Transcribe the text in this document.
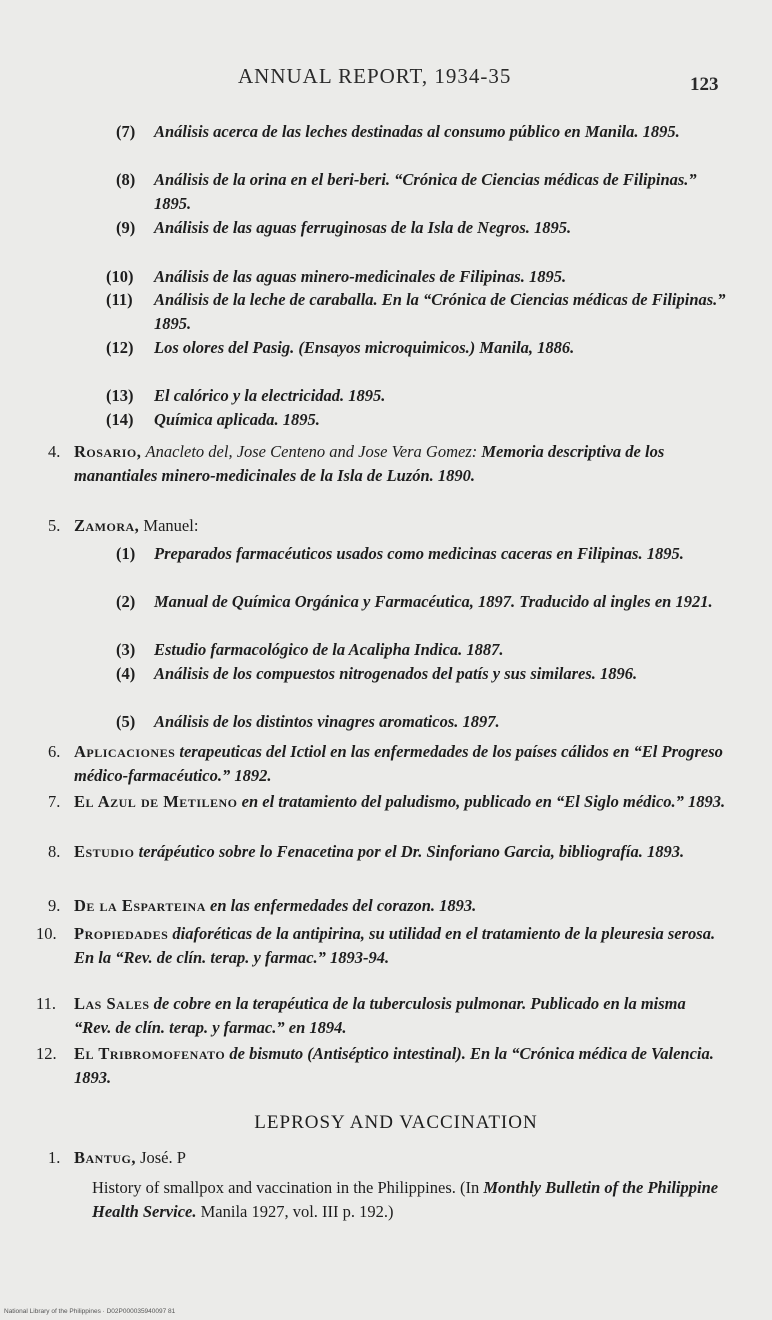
ANNUAL REPORT, 1934-35	123
(7) Análisis acerca de las leches destinadas al consumo público en Manila. 1895.
(8) Análisis de la orina en el beri-beri. “Crónica de Ciencias médicas de Filipinas.” 1895.
(9) Análisis de las aguas ferruginosas de la Isla de Negros. 1895.
(10) Análisis de las aguas minero-medicinales de Filipinas. 1895.
(11) Análisis de la leche de caraballa. En la “Crónica de Ciencias médicas de Filipinas.” 1895.
(12) Los olores del Pasig. (Ensayos microquimicos.) Manila, 1886.
(13) El calórico y la electricidad. 1895.
(14) Química aplicada. 1895.
4. Rosario, Anacleto del, Jose Centeno and Jose Vera Gomez: Memoria descriptiva de los manantiales minero-medicinales de la Isla de Luzón. 1890.
5. Zamora, Manuel:
(1) Preparados farmacéuticos usados como medicinas caceras en Filipinas. 1895.
(2) Manual de Química Orgánica y Farmacéutica, 1897. Traducido al ingles en 1921.
(3) Estudio farmacológico de la Acalipha Indica. 1887.
(4) Análisis de los compuestos nitrogenados del patís y sus similares. 1896.
(5) Análisis de los distintos vinagres aromaticos. 1897.
6. Aplicaciones terapeuticas del Ictiol en las enfermedades de los países cálidos en “El Progreso médico-farmacéutico.” 1892.
7. El Azul de Metileno en el tratamiento del paludismo, publicado en “El Siglo médico.” 1893.
8. Estudio terápéutico sobre lo Fenacetina por el Dr. Sinforiano Garcia, bibliografía. 1893.
9. De la Esparteina en las enfermedades del corazon. 1893.
10. Propiedades diaforéticas de la antipirina, su utilidad en el tratamiento de la pleuresia serosa. En la “Rev. de clín. terap. y farmac.” 1893-94.
11. Las Sales de cobre en la terapéutica de la tuberculosis pulmonar. Publicado en la misma “Rev. de clín. terap. y farmac.” en 1894.
12. El Tribromofenato de bismuto (Antiséptico intestinal). En la “Crónica médica de Valencia. 1893.
LEPROSY AND VACCINATION
1. Bantug, José. P
History of smallpox and vaccination in the Philippines. (In Monthly Bulletin of the Philippine Health Service. Manila 1927, vol. III p. 192.)
National Library of the Philippines · D02P000035940097 81
